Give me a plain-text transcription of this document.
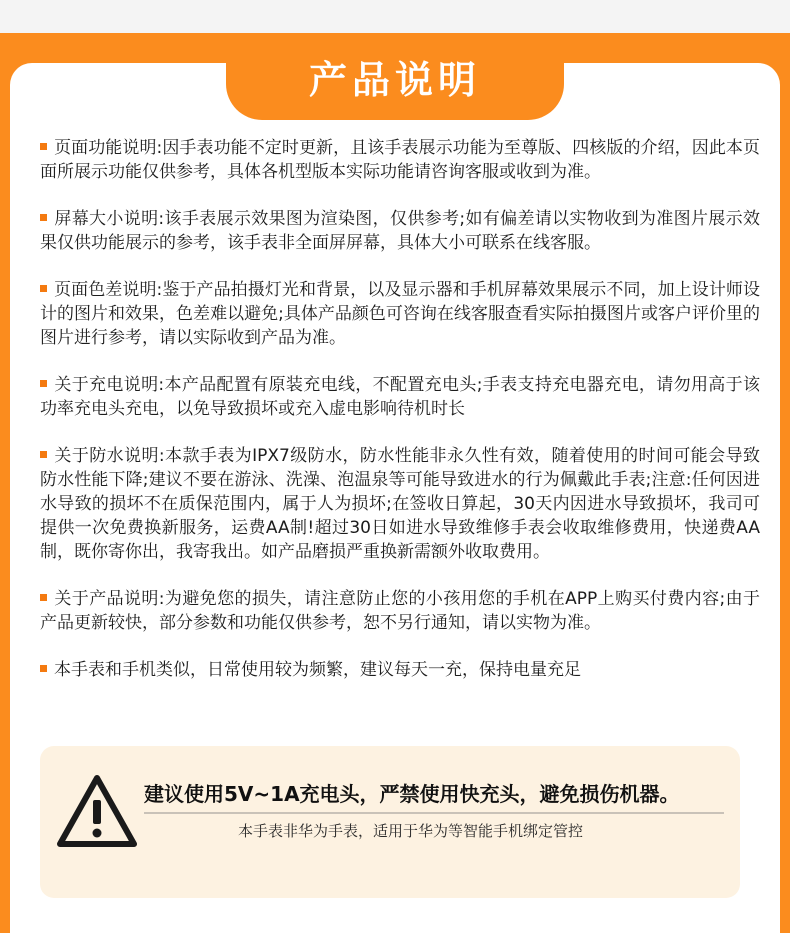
产品说明
页面功能说明:因手表功能不定时更新，且该手表展示功能为至尊版、四核版的介绍，因此本页面所展示功能仅供参考，具体各机型版本实际功能请咨询客服或收到为准。
屏幕大小说明:该手表展示效果图为渲染图，仅供参考;如有偏差请以实物收到为准图片展示效果仅供功能展示的参考，该手表非全面屏屏幕，具体大小可联系在线客服。
页面色差说明:鉴于产品拍摄灯光和背景，以及显示器和手机屏幕效果展示不同，加上设计师设计的图片和效果，色差难以避免;具体产品颜色可咨询在线客服查看实际拍摄图片或客户评价里的图片进行参考，请以实际收到产品为准。
关于充电说明:本产品配置有原装充电线，不配置充电头;手表支持充电器充电，请勿用高于该功率充电头充电，以免导致损坏或充入虚电影响待机时长
关于防水说明:本款手表为IPX7级防水，防水性能非永久性有效，随着使用的时间可能会导致防水性能下降;建议不要在游泳、洗澡、泡温泉等可能导致进水的行为佩戴此手表;注意:任何因进水导致的损坏不在质保范围内，属于人为损坏;在签收日算起，30天内因进水导致损坏，我司可提供一次免费换新服务，运费AA制!超过30日如进水导致维修手表会收取维修费用，快递费AA制，既你寄你出，我寄我出。如产品磨损严重换新需额外收取费用。
关于产品说明:为避免您的损失，请注意防止您的小孩用您的手机在APP上购买付费内容;由于产品更新较快，部分参数和功能仅供参考，恕不另行通知，请以实物为准。
本手表和手机类似，日常使用较为频繁，建议每天一充，保持电量充足
建议使用5V~1A充电头，严禁使用快充头，避免损伤机器。
本手表非华为手表，适用于华为等智能手机绑定管控
